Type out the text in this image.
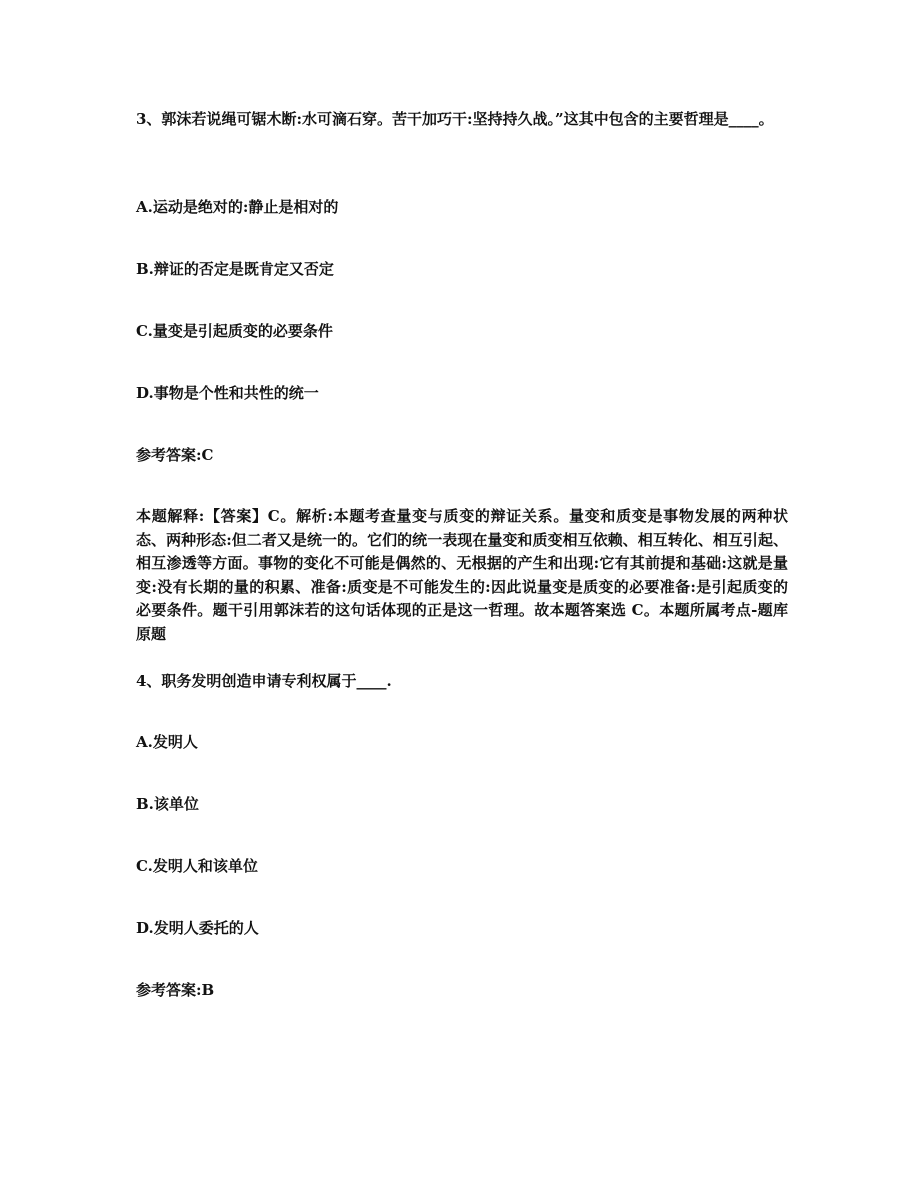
3、郭沫若说绳可锯木断:水可滴石穿。苦干加巧干:坚持持久战。”这其中包含的主要哲理是____。
A.运动是绝对的:静止是相对的
B.辩证的否定是既肯定又否定
C.量变是引起质变的必要条件
D.事物是个性和共性的统一
参考答案:C
本题解释:【答案】C。解析:本题考查量变与质变的辩证关系。量变和质变是事物发展的两种状态、两种形态:但二者又是统一的。它们的统一表现在量变和质变相互依赖、相互转化、相互引起、相互渗透等方面。事物的变化不可能是偶然的、无根据的产生和出现:它有其前提和基础:这就是量变:没有长期的量的积累、准备:质变是不可能发生的:因此说量变是质变的必要准备:是引起质变的必要条件。题干引用郭沫若的这句话体现的正是这一哲理。故本题答案选 C。本题所属考点-题库原题
4、职务发明创造申请专利权属于____.
A.发明人
B.该单位
C.发明人和该单位
D.发明人委托的人
参考答案:B
